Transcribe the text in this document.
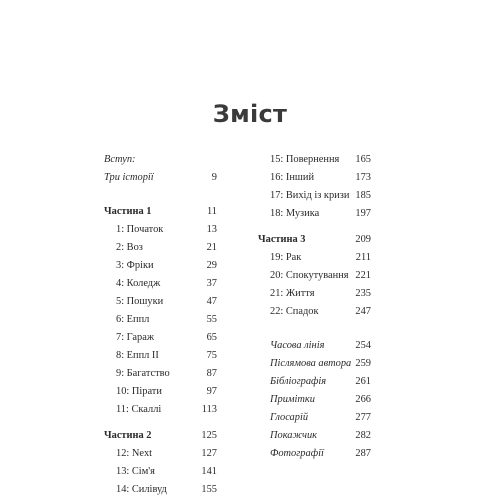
Зміст
Вступ:
Три історії	9
Частина 1	11
1: Початок	13
2: Воз	21
3: Фріки	29
4: Коледж	37
5: Пошуки	47
6: Еппл	55
7: Гараж	65
8: Еппл II	75
9: Багатство	87
10: Пірати	97
11: Скаллі	113
Частина 2	125
12: Next	127
13: Сім'я	141
14: Силівуд	155
15: Повернення 165
16: Інший	173
17: Вихід із кризи 185
18: Музика	197
Частина 3	209
19: Рак	211
20: Спокутування 221
21: Життя	235
22: Спадок	247
Часова лінія	254
Післямова автора 259
Бібліографія	261
Примітки	266
Глосарій	277
Покажчик	282
Фотографії	287
